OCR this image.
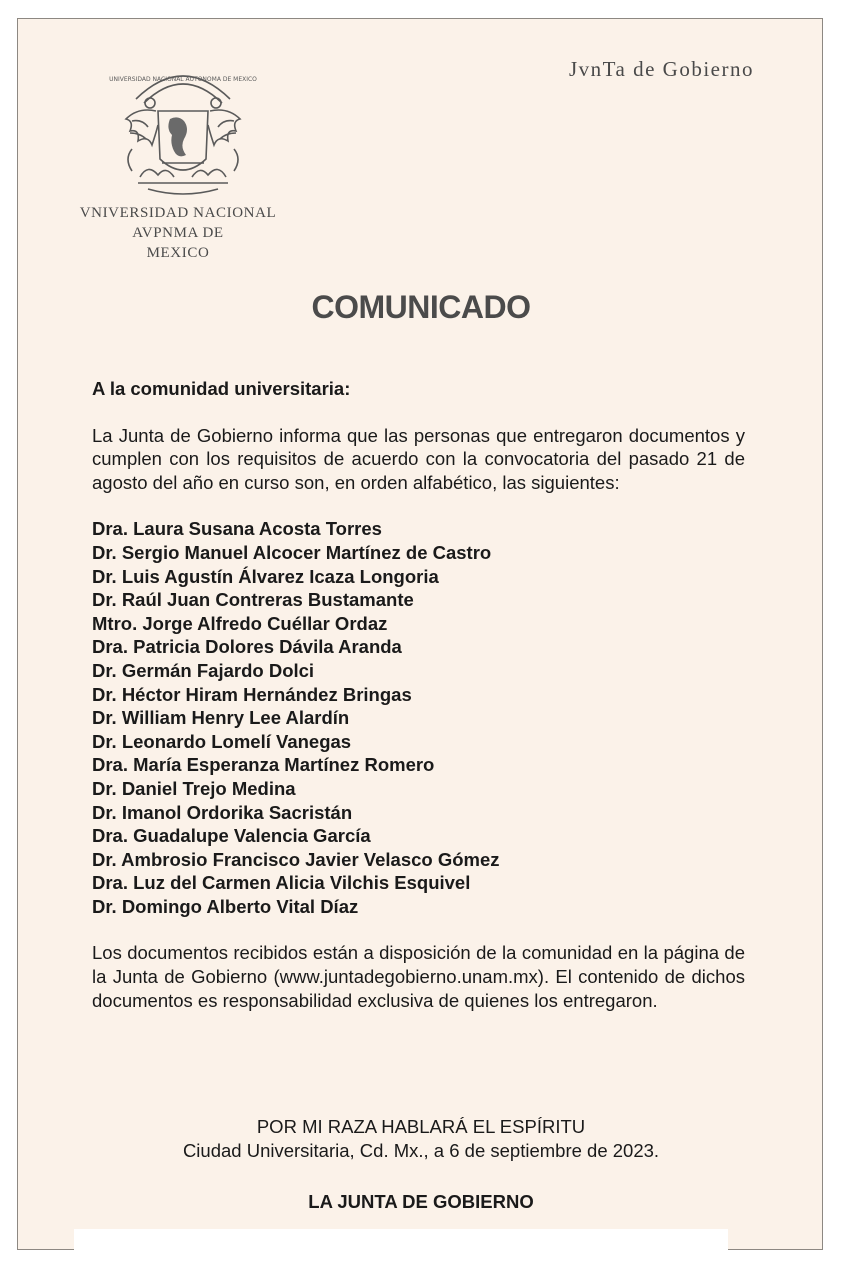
UNIVERSIDAD NACIONAL AUTONOMA DE MEXICO
VNIVERSIDAD NACIONAL
AVPNMA DE
MEXICO
JvnTa de Gobierno
COMUNICADO

A la comunidad universitaria:

La Junta de Gobierno informa que las personas que entregaron documentos y cumplen con los requisitos de acuerdo con la convocatoria del pasado 21 de agosto del año en curso son, en orden alfabético, las siguientes:

Dra. Laura Susana Acosta Torres
Dr. Sergio Manuel Alcocer Martínez de Castro
Dr. Luis Agustín Álvarez Icaza Longoria
Dr. Raúl Juan Contreras Bustamante
Mtro. Jorge Alfredo Cuéllar Ordaz
Dra. Patricia Dolores Dávila Aranda
Dr. Germán Fajardo Dolci
Dr. Héctor Hiram Hernández Bringas
Dr. William Henry Lee Alardín
Dr. Leonardo Lomelí Vanegas
Dra. María Esperanza Martínez Romero
Dr. Daniel Trejo Medina
Dr. Imanol Ordorika Sacristán
Dra. Guadalupe Valencia García
Dr. Ambrosio Francisco Javier Velasco Gómez
Dra. Luz del Carmen Alicia Vilchis Esquivel
Dr. Domingo Alberto Vital Díaz

Los documentos recibidos están a disposición de la comunidad en la página de la Junta de Gobierno (www.juntadegobierno.unam.mx). El contenido de dichos documentos es responsabilidad exclusiva de quienes los entregaron.

POR MI RAZA HABLARÁ EL ESPÍRITU
Ciudad Universitaria, Cd. Mx., a 6 de septiembre de 2023.
LA JUNTA DE GOBIERNO
